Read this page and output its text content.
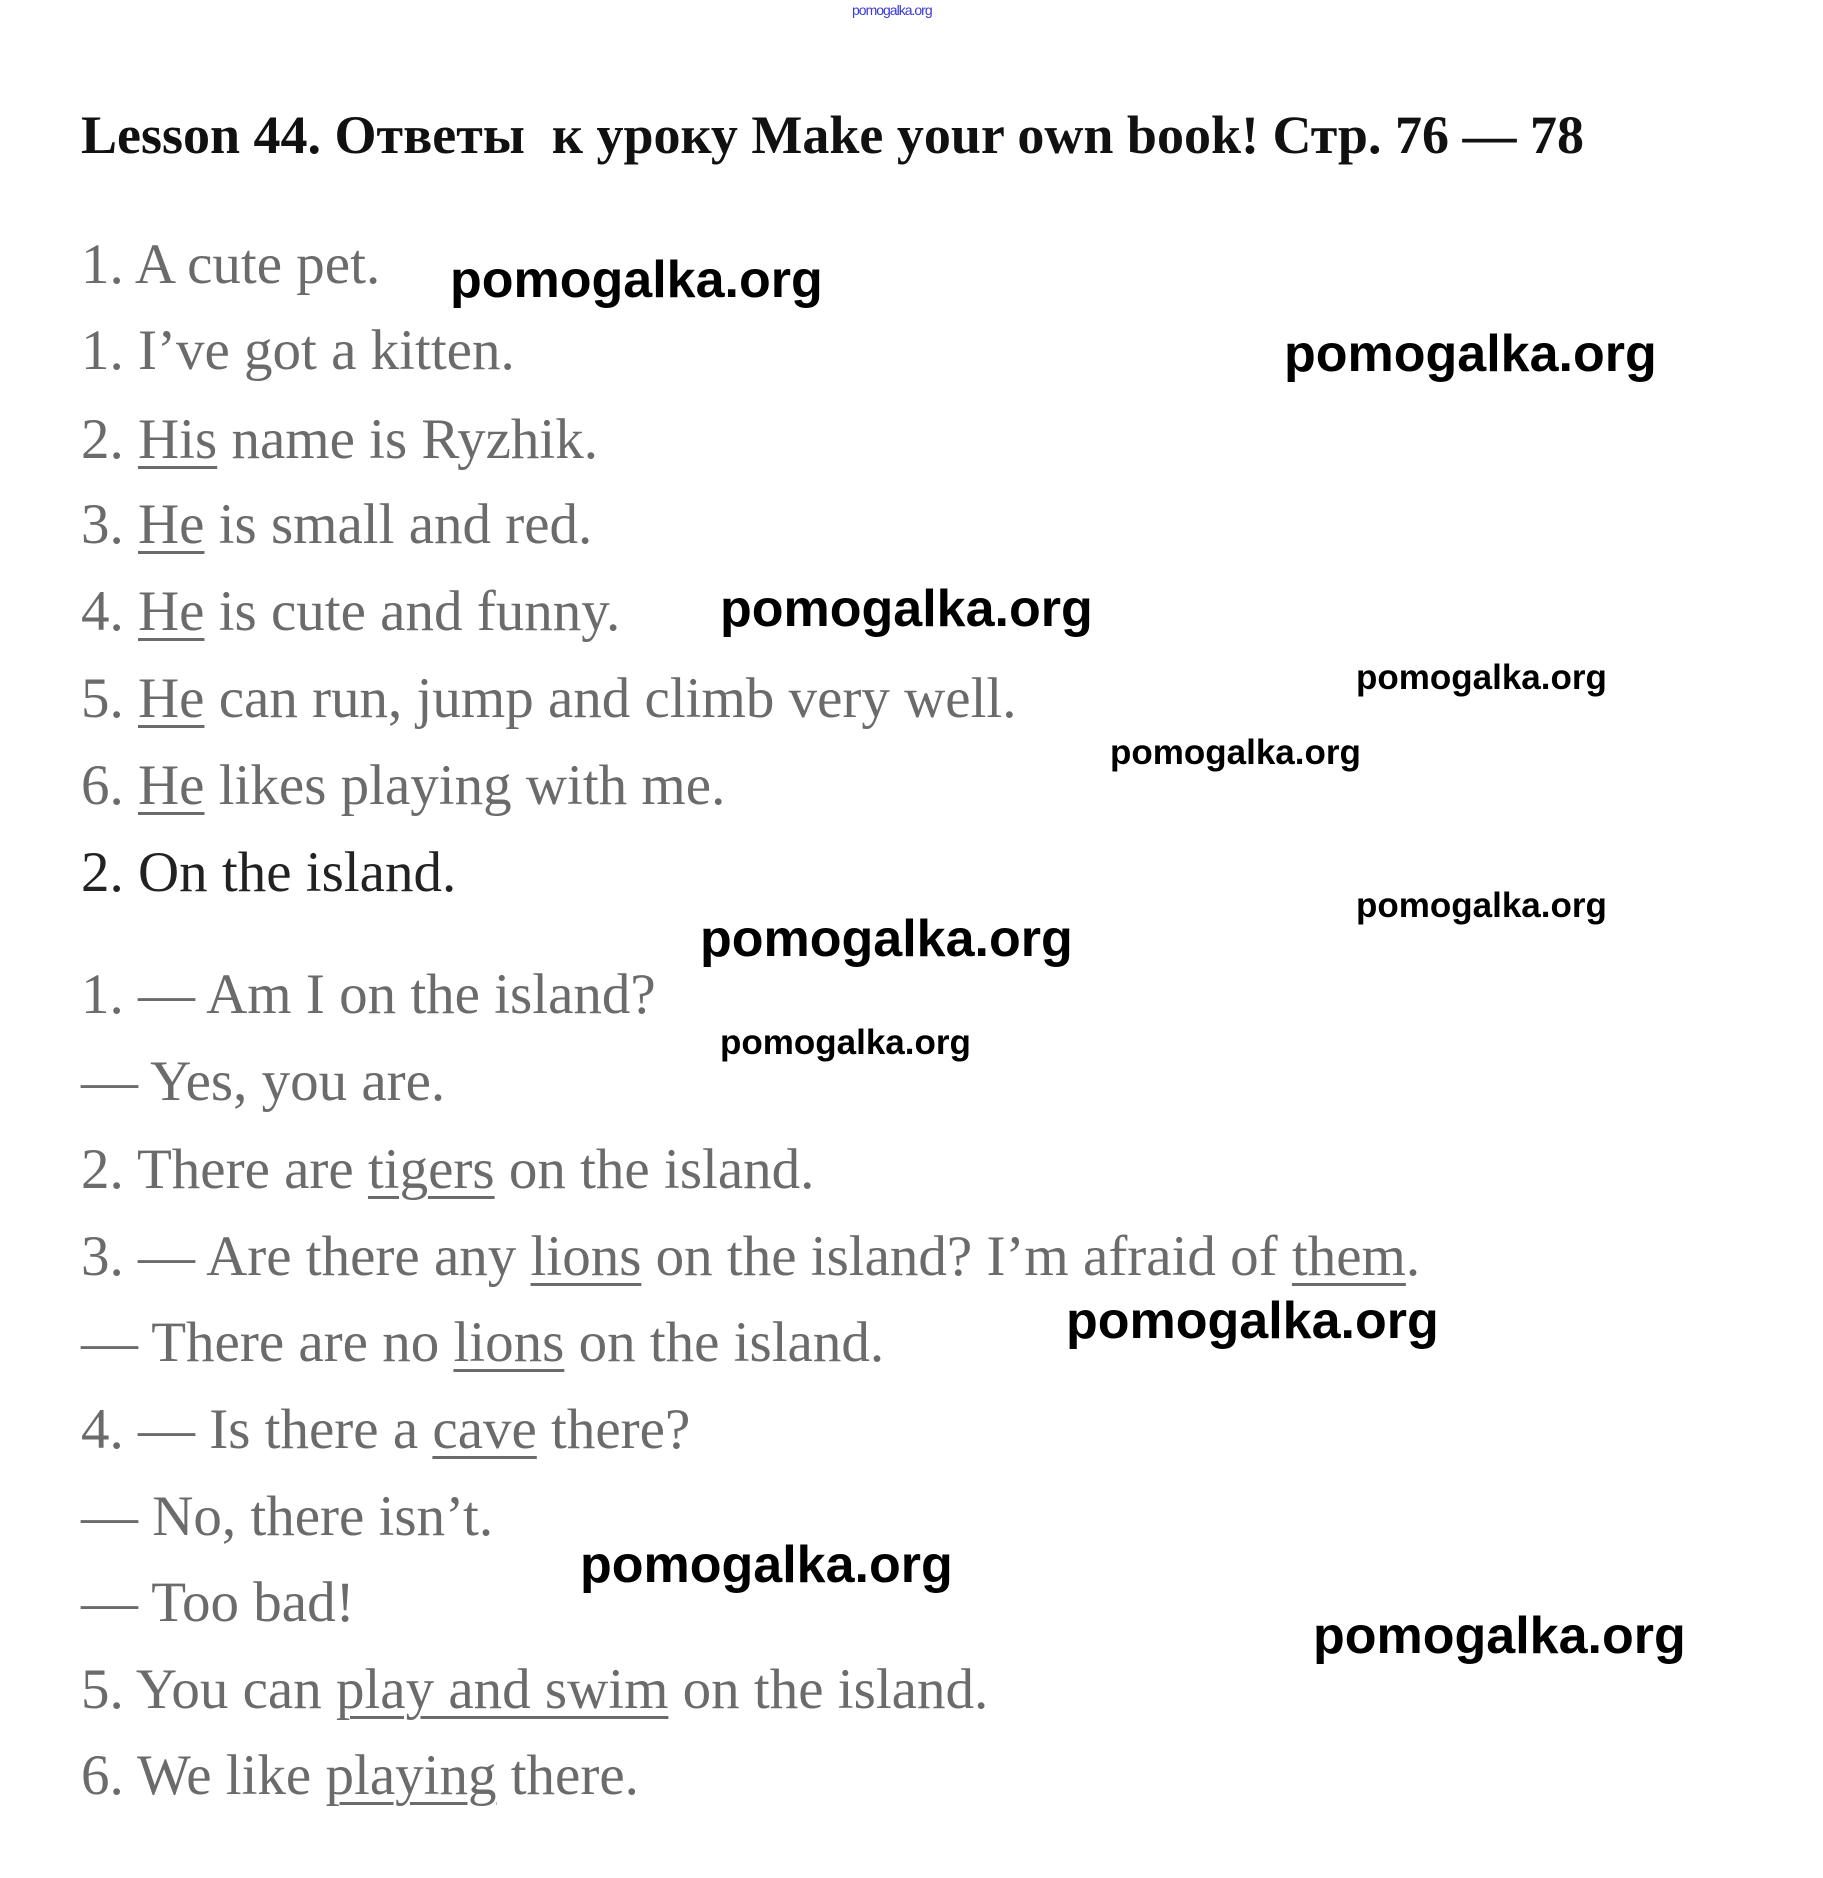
pomogalka.org
Lesson 44. Ответы  к уроку Make your own book! Стр. 76 — 78
1. A cute pet.
1. I’ve got a kitten.
2. His name is Ryzhik.
3. He is small and red.
4. He is cute and funny.
5. He can run, jump and climb very well.
6. He likes playing with me.
2. On the island.
1. — Am I on the island?
— Yes, you are.
2. There are tigers on the island.
3. — Are there any lions on the island? I’m afraid of them.
— There are no lions on the island.
4. — Is there a cave there?
— No, there isn’t.
— Too bad!
5. You can play and swim on the island.
6. We like playing there.
pomogalka.org
pomogalka.org
pomogalka.org
pomogalka.org
pomogalka.org
pomogalka.org
pomogalka.org
pomogalka.org
pomogalka.org
pomogalka.org
pomogalka.org
